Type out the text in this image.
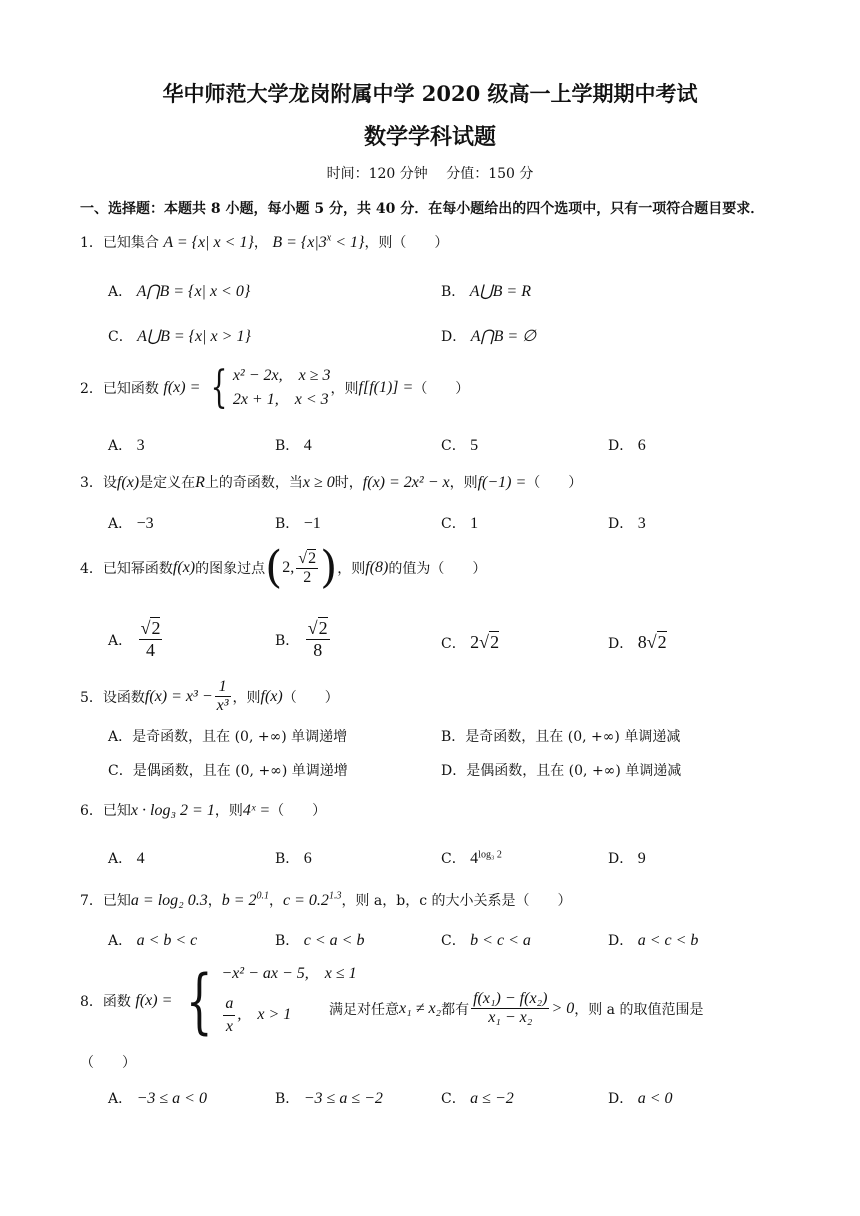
华中师范大学龙岗附属中学 2020 级高一上学期期中考试
数学学科试题
时间：120 分钟　 分值：150 分
一、选择题：本题共 8 小题，每小题 5 分，共 40 分．在每小题给出的四个选项中，只有一项符合题目要求．
1．已知集合 A = {x| x < 1}， $B = \{x|3^x < 1\}$，则（　　）
A． A⋂B = {x| x < 0}	B． A⋃B = R
C． A⋃B = {x| x > 1}	D． A⋂B = ∅
2．已知函数 f(x) = { x² − 2x,　x ≥ 3
2x + 1,　x < 3
，则f[f(1)] =（　　）
A． 3	B． 4	C． 5	D． 6
3．设f(x)是定义在R上的奇函数，当x ≥ 0时，f(x) = 2x² − x，则f(−1) =（　　）
A． −3	B． −1	C． 1	D． 3
4．已知幂函数f(x)的图象过点(2, $\frac{√2}{2}$ )，则f(8)的值为（　　）
A． $\frac{√2}{4}$	B． $\frac{√2}{8}$	C． 2√2	D． 8√2
5．设函数$f(x) = x^3 - \frac{1}{\text{x³}}$ ，则f(x)（　　）
A．是奇函数，且在 (0, +∞) 单调递增	B．是奇函数，且在 (0, +∞) 单调递减
C．是偶函数，且在 (0, +∞) 单调递增	D．是偶函数，且在 (0, +∞) 单调递减
6．已知x · log₃ 2 = 1，则4ˣ =（　　）
A． 4	B． 6	C． $4^{log_3 2}$	D． 9
7．已知a = log₂ 0.3，$b = 2^{0.1}$，$c = 0.2^{1.3}$，则 a，b，c 的大小关系是（　　）
A． a < b < c	B． c < a < b	C． b < c < a	D． a < c < b
8．函数 f(x) = { −x² − ax − 5,　x ≤ 1
$\frac{a}{x}$ ,　x > 1	满足对任意x₁ ≠ x₂都有 $\frac{\text{f(x₁) − f(x₂)}}{\text{x₁ − x₂}} > 0$，则 a 的取值范围是
（　　）
A． −3 ≤ a < 0	B． −3 ≤ a ≤ −2	C． a ≤ −2	D． a < 0
